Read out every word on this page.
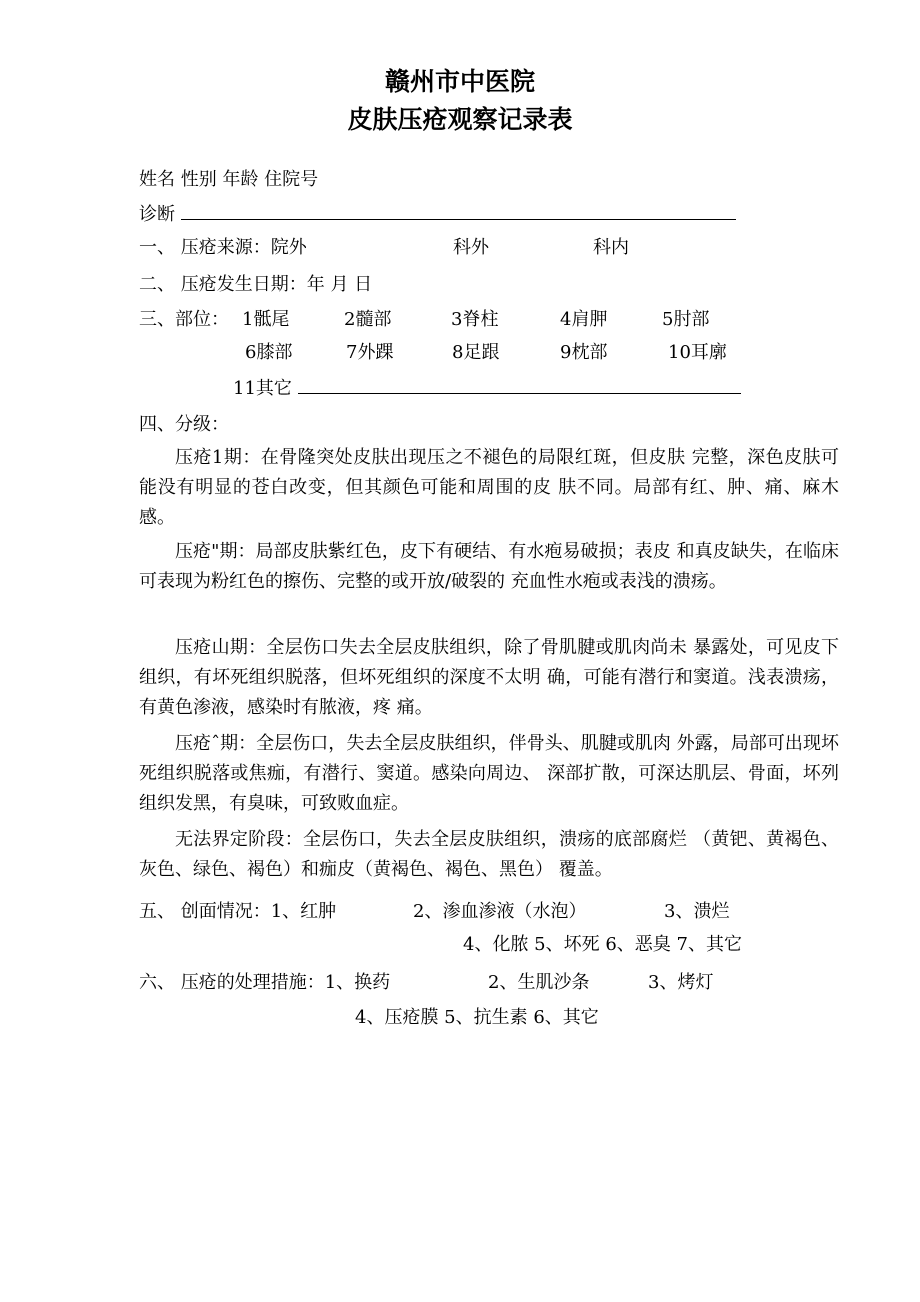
赣州市中医院
皮肤压疮观察记录表
姓名 性别 年龄 住院号
诊断
一、 压疮来源：院外	科外	科内
二、 压疮发生日期：年 月 日
三、部位： 1骶尾	2髓部	3脊柱	4肩胛	5肘部
6膝部	7外踝	8足跟	9枕部	10耳廓
11其它
四、分级：
压疮1期：在骨隆突处皮肤出现压之不褪色的局限红斑，但皮肤 完整，深色皮肤可能没有明显的苍白改变，但其颜色可能和周围的皮 肤不同。局部有红、肿、痛、麻木感。
压疮"期：局部皮肤紫红色，皮下有硬结、有水疱易破损；表皮 和真皮缺失，在临床可表现为粉红色的擦伤、完整的或开放/破裂的 充血性水疱或表浅的溃疡。
压疮山期：全层伤口失去全层皮肤组织，除了骨肌腱或肌肉尚未 暴露处，可见皮下组织，有坏死组织脱落，但坏死组织的深度不太明 确，可能有潜行和窦道。浅表溃疡，有黄色渗液，感染时有脓液，疼 痛。
压疮ˆ期：全层伤口，失去全层皮肤组织，伴骨头、肌腱或肌肉 外露，局部可出现坏死组织脱落或焦痂，有潜行、窦道。感染向周边、 深部扩散，可深达肌层、骨面，坏列组织发黑，有臭味，可致败血症。
无法界定阶段：全层伤口，失去全层皮肤组织，溃疡的底部腐烂 （黄钯、黄褐色、灰色、绿色、褐色）和痂皮（黄褐色、褐色、黑色） 覆盖。
五、 创面情况：1、红肿	2、渗血渗液（水泡）	3、溃烂
4、化脓 5、坏死 6、恶臭 7、其它
六、 压疮的处理措施：1、换药	2、生肌沙条	3、烤灯
4、压疮膜 5、抗生素 6、其它
